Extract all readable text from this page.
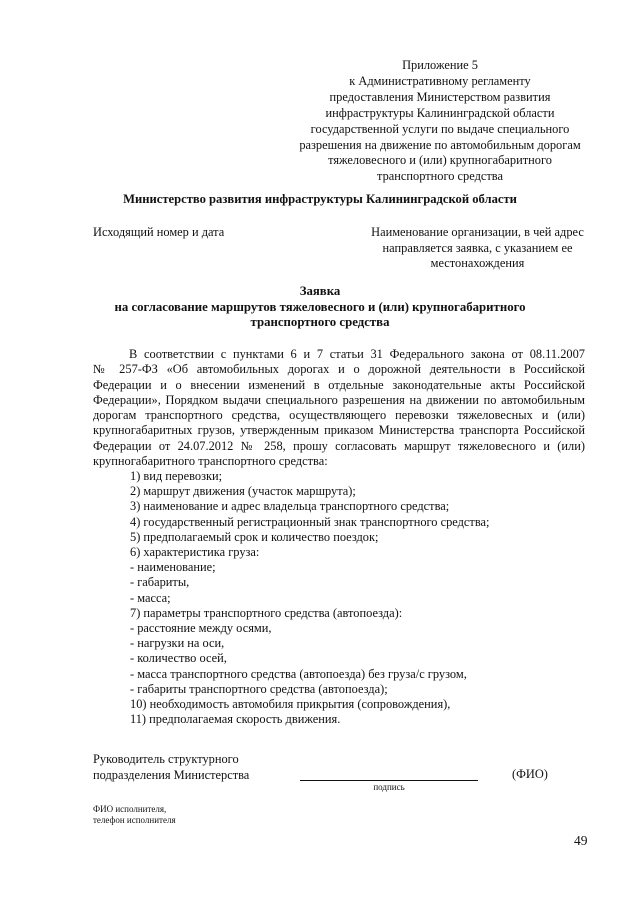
Приложение 5
к Административному регламенту
предоставления Министерством развития
инфраструктуры Калининградской области
государственной услуги по выдаче специального
разрешения на движение по автомобильным дорогам
тяжеловесного и (или) крупногабаритного
транспортного средства
Министерство развития инфраструктуры Калининградской области
Исходящий номер и дата	Наименование организации, в чей адрес
направляется заявка, с указанием ее
местонахождения
Заявка
на согласование маршрутов тяжеловесного и (или) крупногабаритного
транспортного средства
В соответствии с пунктами 6 и 7 статьи 31 Федерального закона от 08.11.2007
№ 257-ФЗ «Об автомобильных дорогах и о дорожной деятельности в Российской
Федерации и о внесении изменений в отдельные законодательные акты Российской
Федерации», Порядком выдачи специального разрешения на движении по автомобильным
дорогам транспортного средства, осуществляющего перевозки тяжеловесных и (или)
крупногабаритных грузов, утвержденным приказом Министерства транспорта Российской
Федерации от 24.07.2012 № 258, прошу согласовать маршрут тяжеловесного и (или)
крупногабаритного транспортного средства:
1) вид перевозки;
2) маршрут движения (участок маршрута);
3) наименование и адрес владельца транспортного средства;
4) государственный регистрационный знак транспортного средства;
5) предполагаемый срок и количество поездок;
6) характеристика груза:
- наименование;
- габариты,
- масса;
7) параметры транспортного средства (автопоезда):
- расстояние между осями,
- нагрузки на оси,
- количество осей,
- масса транспортного средства (автопоезда) без груза/с грузом,
- габариты транспортного средства (автопоезда);
10) необходимость автомобиля прикрытия (сопровождения),
11) предполагаемая скорость движения.
Руководитель структурного
подразделения Министерства
подпись
(ФИО)
ФИО исполнителя,
телефон исполнителя
49
